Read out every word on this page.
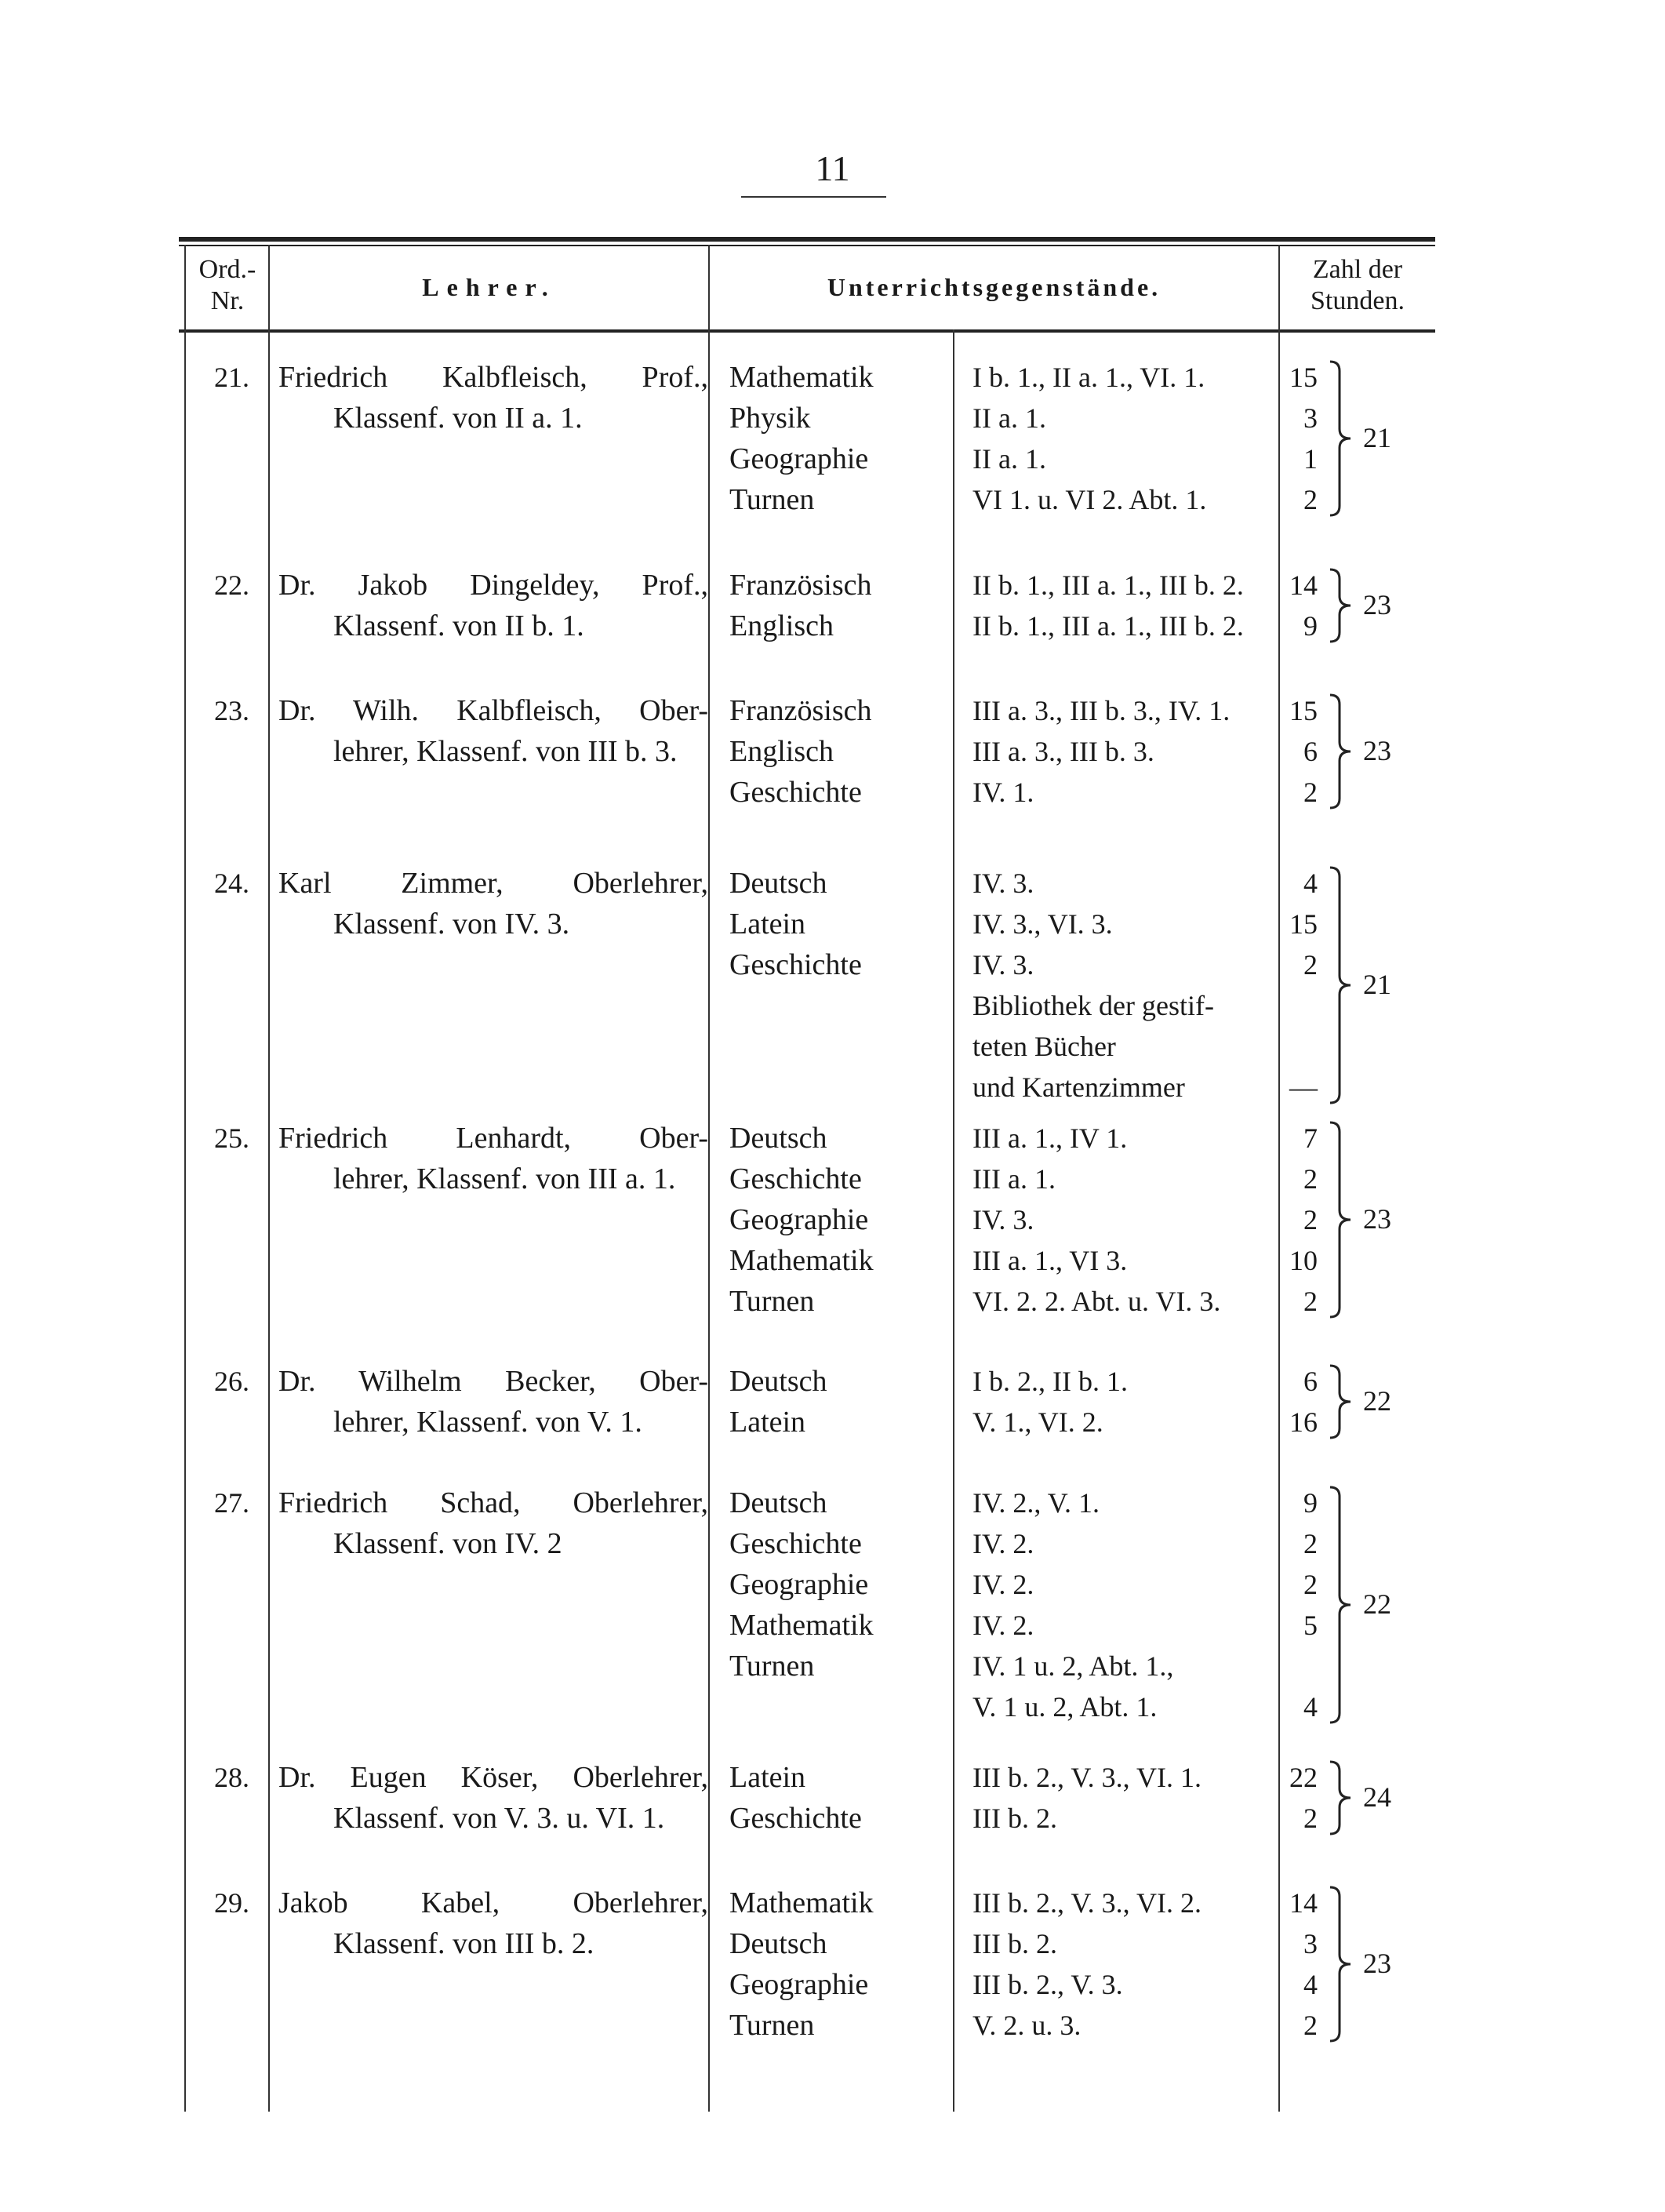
11
Ord.-
Nr.	Lehrer.	Unterrichtsgegenstände.
Zahl der
Stunden.
21. Friedrich Kalbfleisch, Prof.,
Klassenf. von II a. 1.
Mathematik
Physik
Geographie
Turnen
I b. 1., II a. 1., VI. 1.
II a. 1.
II a. 1.
VI 1. u. VI 2. Abt. 1.
15
3
1
2
21
22. Dr. Jakob Dingeldey, Prof.,
Klassenf. von II b. 1.
Französisch
Englisch
II b. 1., III a. 1., III b. 2.
II b. 1., III a. 1., III b. 2.
14
9
23
23. Dr. Wilh. Kalbfleisch, Ober-
lehrer, Klassenf. von III b. 3.
Französisch
Englisch
Geschichte
III a. 3., III b. 3., IV. 1.
III a. 3., III b. 3.
IV. 1.
15
6
2
23
24. Karl Zimmer, Oberlehrer,
Klassenf. von IV. 3.
Deutsch
Latein
Geschichte
IV. 3.
IV. 3., VI. 3.
IV. 3.
Bibliothek der gestif-
teten Bücher
und Kartenzimmer
4
15
2
—
21
25. Friedrich Lenhardt, Ober-
lehrer, Klassenf. von III a. 1.
Deutsch
Geschichte
Geographie
Mathematik
Turnen
III a. 1., IV 1.
III a. 1.
IV. 3.
III a. 1., VI 3.
VI. 2. 2. Abt. u. VI. 3.
7
2
2
10
2
23
26. Dr. Wilhelm Becker, Ober-
lehrer, Klassenf. von V. 1.
Deutsch
Latein
I b. 2., II b. 1.
V. 1., VI. 2.
6
16
22
27. Friedrich Schad, Oberlehrer,
Klassenf. von IV. 2
Deutsch
Geschichte
Geographie
Mathematik
Turnen
IV. 2., V. 1.
IV. 2.
IV. 2.
IV. 2.
IV. 1 u. 2, Abt. 1.,
V. 1 u. 2, Abt. 1.
9
2
2
5
4
22
28. Dr. Eugen Köser, Oberlehrer,
Klassenf. von V. 3. u. VI. 1.
Latein
Geschichte
III b. 2., V. 3., VI. 1.
III b. 2.
22
2
24
29. Jakob Kabel, Oberlehrer,
Klassenf. von III b. 2.
Mathematik
Deutsch
Geographie
Turnen
III b. 2., V. 3., VI. 2.
III b. 2.
III b. 2., V. 3.
V. 2. u. 3.
14
3
4
2
23
